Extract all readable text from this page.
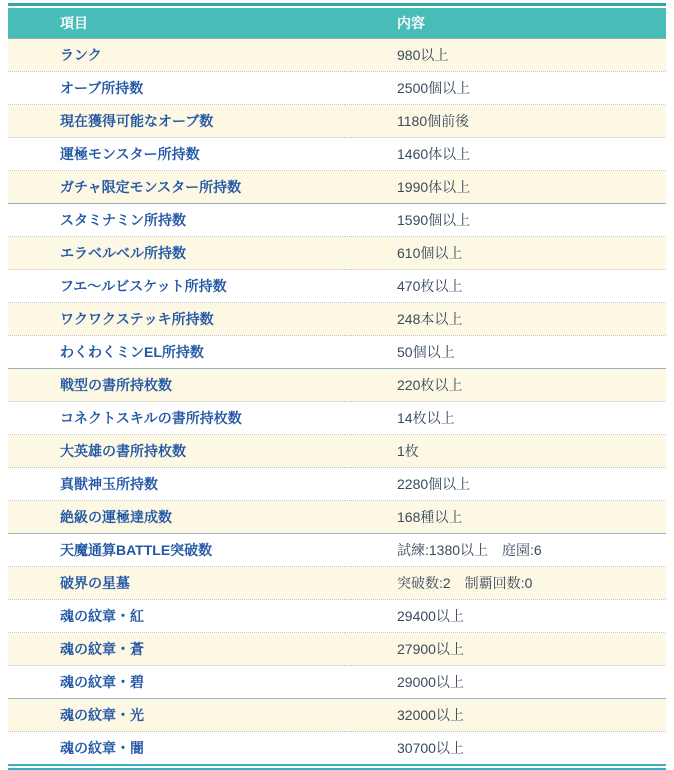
項目	内容
ランク	980以上
オーブ所持数	2500個以上
現在獲得可能なオーブ数	1180個前後
運極モンスター所持数	1460体以上
ガチャ限定モンスター所持数	1990体以上
スタミナミン所持数	1590個以上
エラベルベル所持数	610個以上
フエ〜ルビスケット所持数	470枚以上
ワクワクステッキ所持数	248本以上
わくわくミンEL所持数	50個以上
戦型の書所持枚数	220枚以上
コネクトスキルの書所持枚数	14枚以上
大英雄の書所持枚数	1枚
真獣神玉所持数	2280個以上
絶級の運極達成数	168種以上
天魔通算BATTLE突破数	試練:1380以上　庭園:6
破界の星墓	突破数:2　制覇回数:0
魂の紋章・紅	29400以上
魂の紋章・蒼	27900以上
魂の紋章・碧	29000以上
魂の紋章・光	32000以上
魂の紋章・闇	30700以上
